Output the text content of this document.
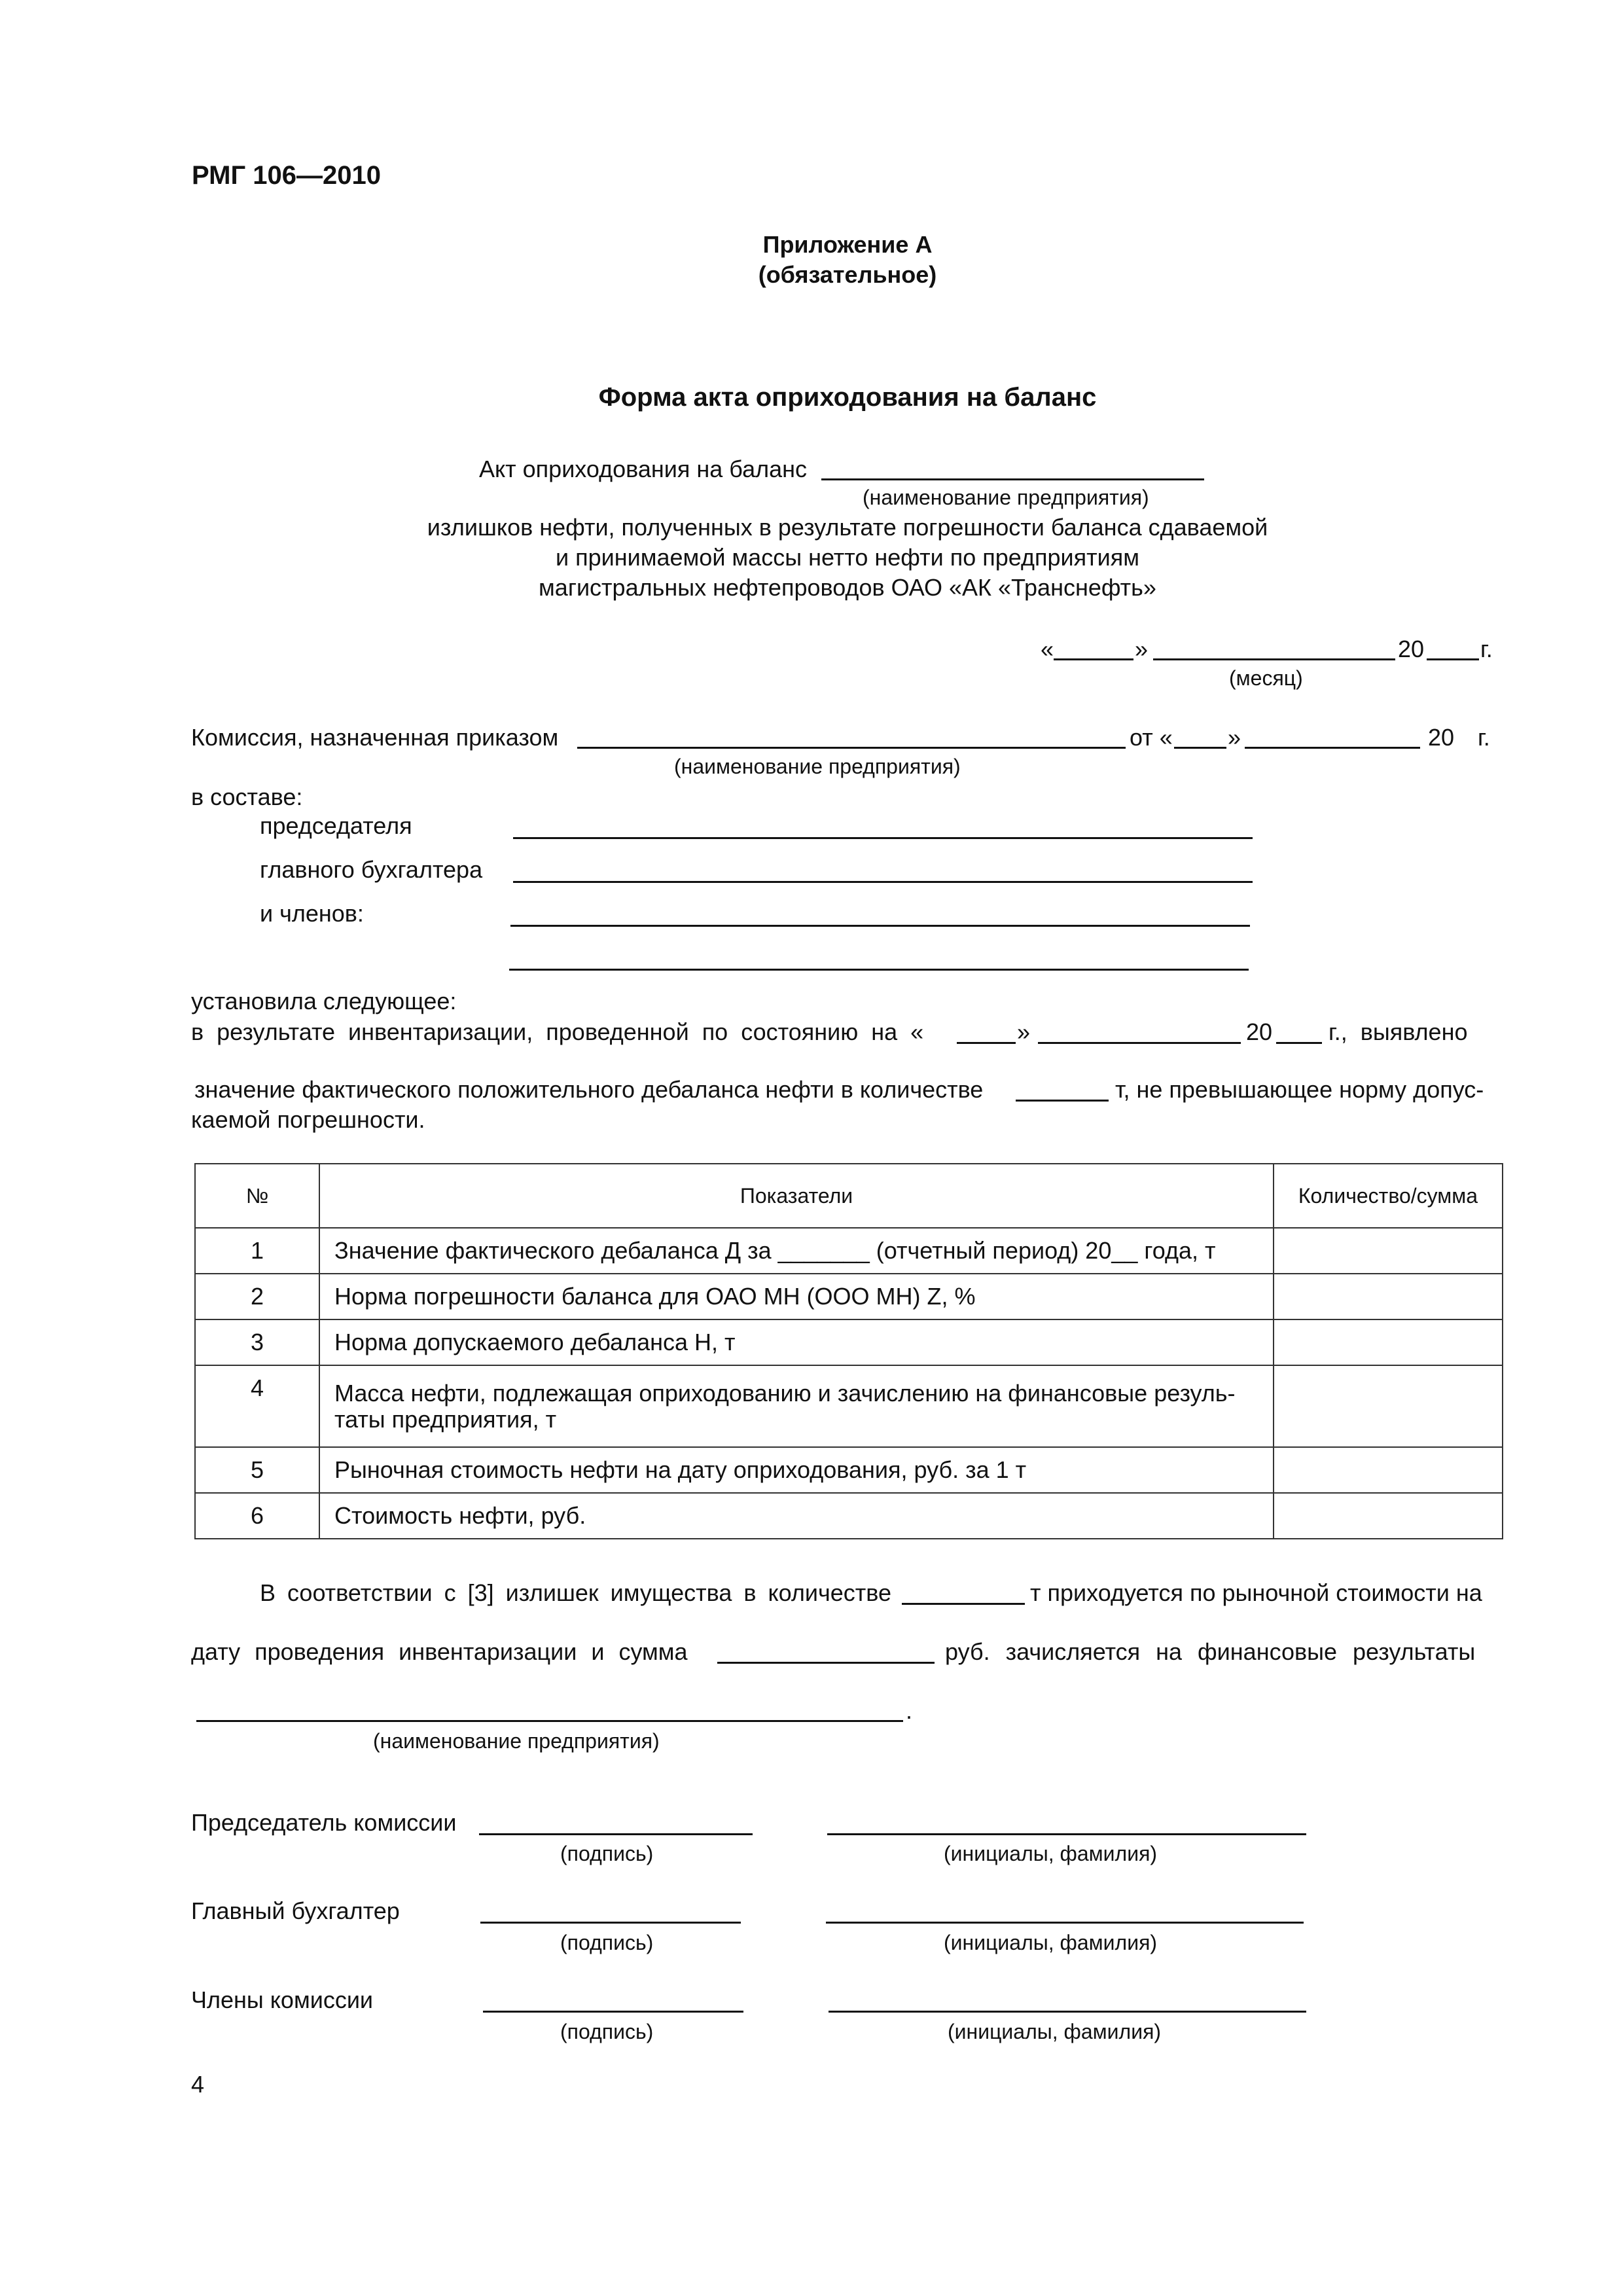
РМГ 106—2010
Приложение А
(обязательное)
Форма акта оприходования на баланс
Акт оприходования на баланс
(наименование предприятия)
излишков нефти, полученных в результате погрешности баланса сдаваемой
и принимаемой массы нетто нефти по предприятиям
магистральных нефтепроводов ОАО «АК «Транснефть»
«	»	20 г.
(месяц)
Комиссия, назначенная приказом	от « »	20 г.
(наименование предприятия)
в составе:
председателя
главного бухгалтера
и членов:
установила следующее:
в результате инвентаризации, проведенной по состоянию на «	»	20 г., выявлено
значение фактического положительного дебаланса нефти в количестве	т, не превышающее норму допус-
каемой погрешности.
№	Показатели	Количество/сумма
1	Значение фактического дебаланса Д за _______ (отчетный период) 20__ года, т	
2	Норма погрешности баланса для ОАО МН (ООО МН) Z, %	
3	Норма допускаемого дебаланса Н, т	
4	Масса нефти, подлежащая оприходованию и зачислению на финансовые резуль-
таты предприятия, т	

5	Рыночная стоимость нефти на дату оприходования, руб. за 1 т	
6	Стоимость нефти, руб.	
В соответствии с [3] излишек имущества в количестве	т приходуется по рыночной стоимости на
дату проведения инвентаризации и сумма	руб. зачисляется на финансовые результаты
.
(наименование предприятия)
Председатель комиссии
(подпись)	(инициалы, фамилия)
Главный бухгалтер
(подпись)	(инициалы, фамилия)
Члены комиссии
(подпись)	(инициалы, фамилия)
4
